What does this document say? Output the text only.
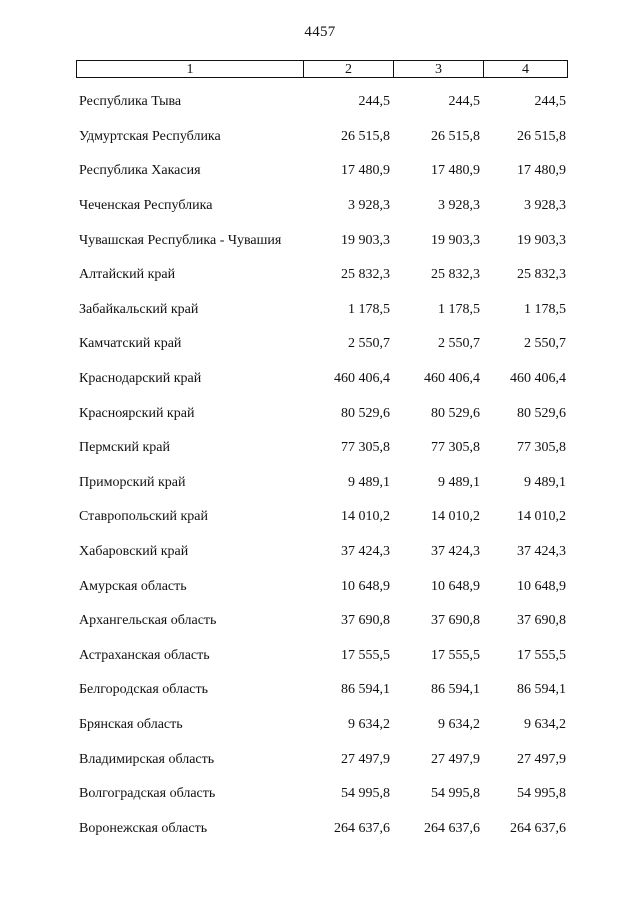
4457
1	2	3	4
Республика Тыва	244,5	244,5	244,5
Удмуртская Республика	26 515,8	26 515,8	26 515,8
Республика Хакасия	17 480,9	17 480,9	17 480,9
Чеченская Республика	3 928,3	3 928,3	3 928,3
Чувашская Республика - Чувашия	19 903,3	19 903,3	19 903,3
Алтайский край	25 832,3	25 832,3	25 832,3
Забайкальский край	1 178,5	1 178,5	1 178,5
Камчатский край	2 550,7	2 550,7	2 550,7
Краснодарский край	460 406,4	460 406,4	460 406,4
Красноярский край	80 529,6	80 529,6	80 529,6
Пермский край	77 305,8	77 305,8	77 305,8
Приморский край	9 489,1	9 489,1	9 489,1
Ставропольский край	14 010,2	14 010,2	14 010,2
Хабаровский край	37 424,3	37 424,3	37 424,3
Амурская область	10 648,9	10 648,9	10 648,9
Архангельская область	37 690,8	37 690,8	37 690,8
Астраханская область	17 555,5	17 555,5	17 555,5
Белгородская область	86 594,1	86 594,1	86 594,1
Брянская область	9 634,2	9 634,2	9 634,2
Владимирская область	27 497,9	27 497,9	27 497,9
Волгоградская область	54 995,8	54 995,8	54 995,8
Воронежская область	264 637,6	264 637,6	264 637,6
